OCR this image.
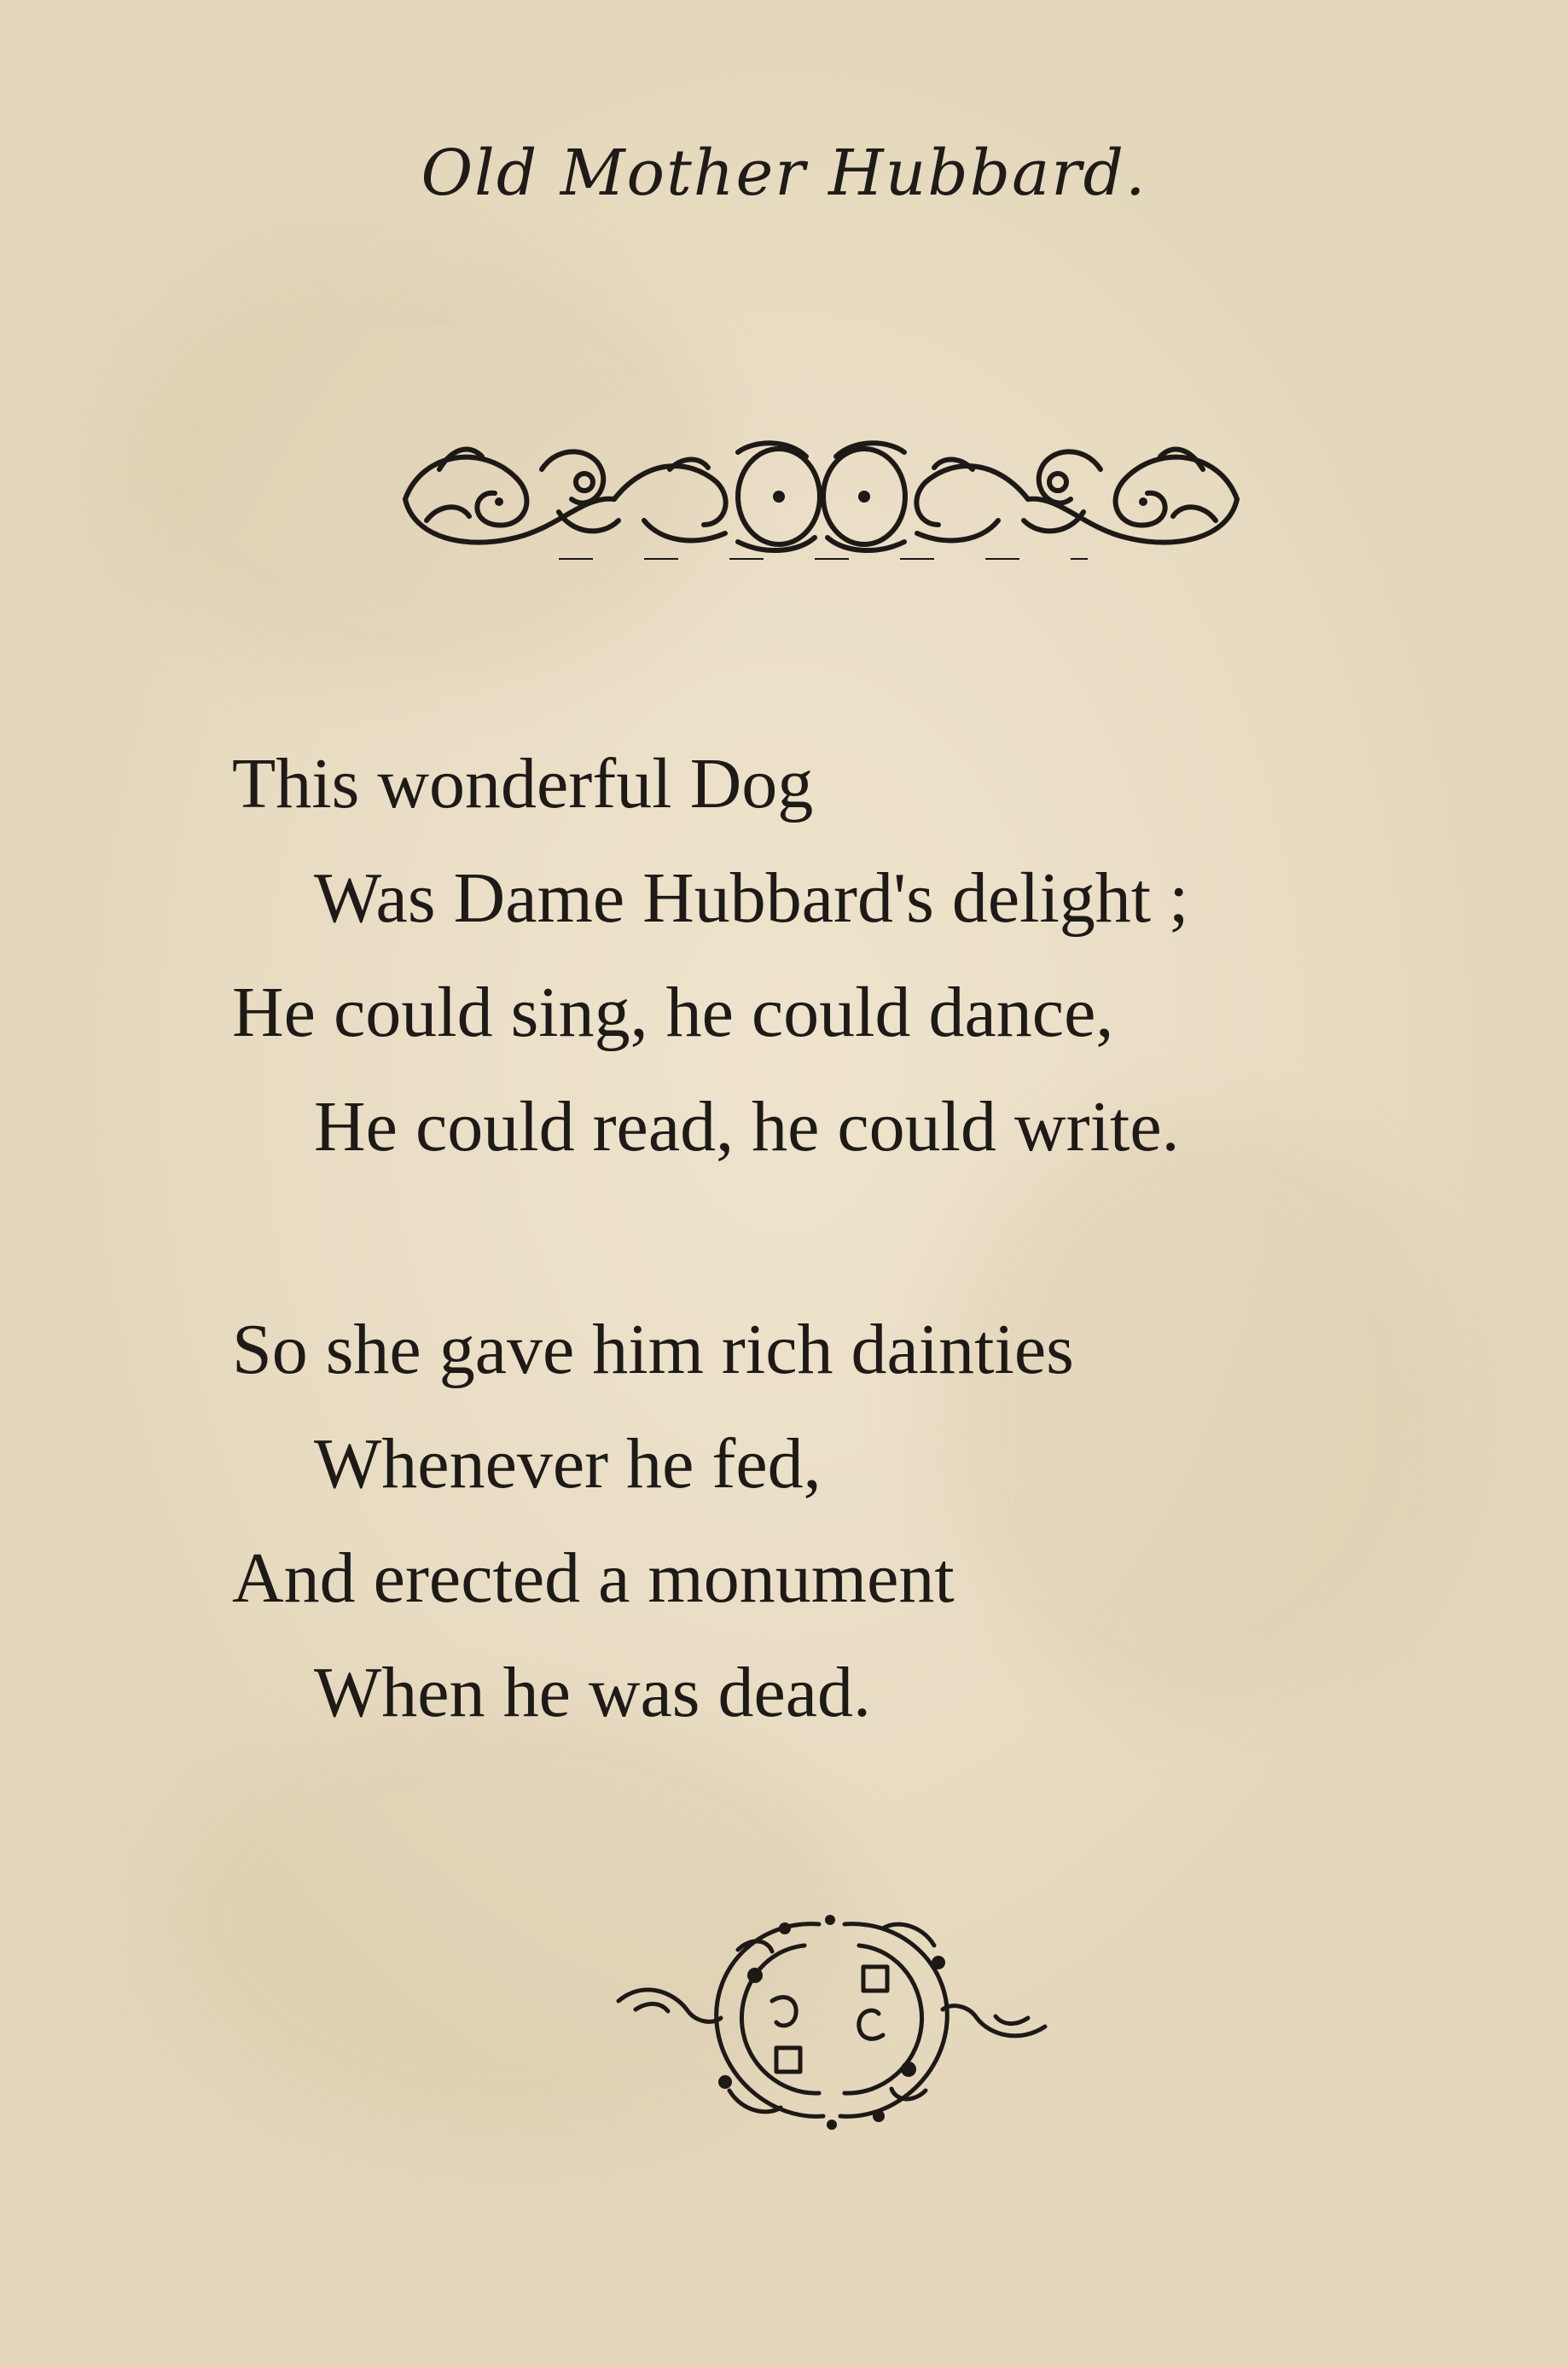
Old Mother Hubbard.
This wonderful Dog
Was Dame Hubbard's delight ;
He could sing, he could dance,
He could read, he could write.
So she gave him rich dainties
Whenever he fed,
And erected a monument
When he was dead.
